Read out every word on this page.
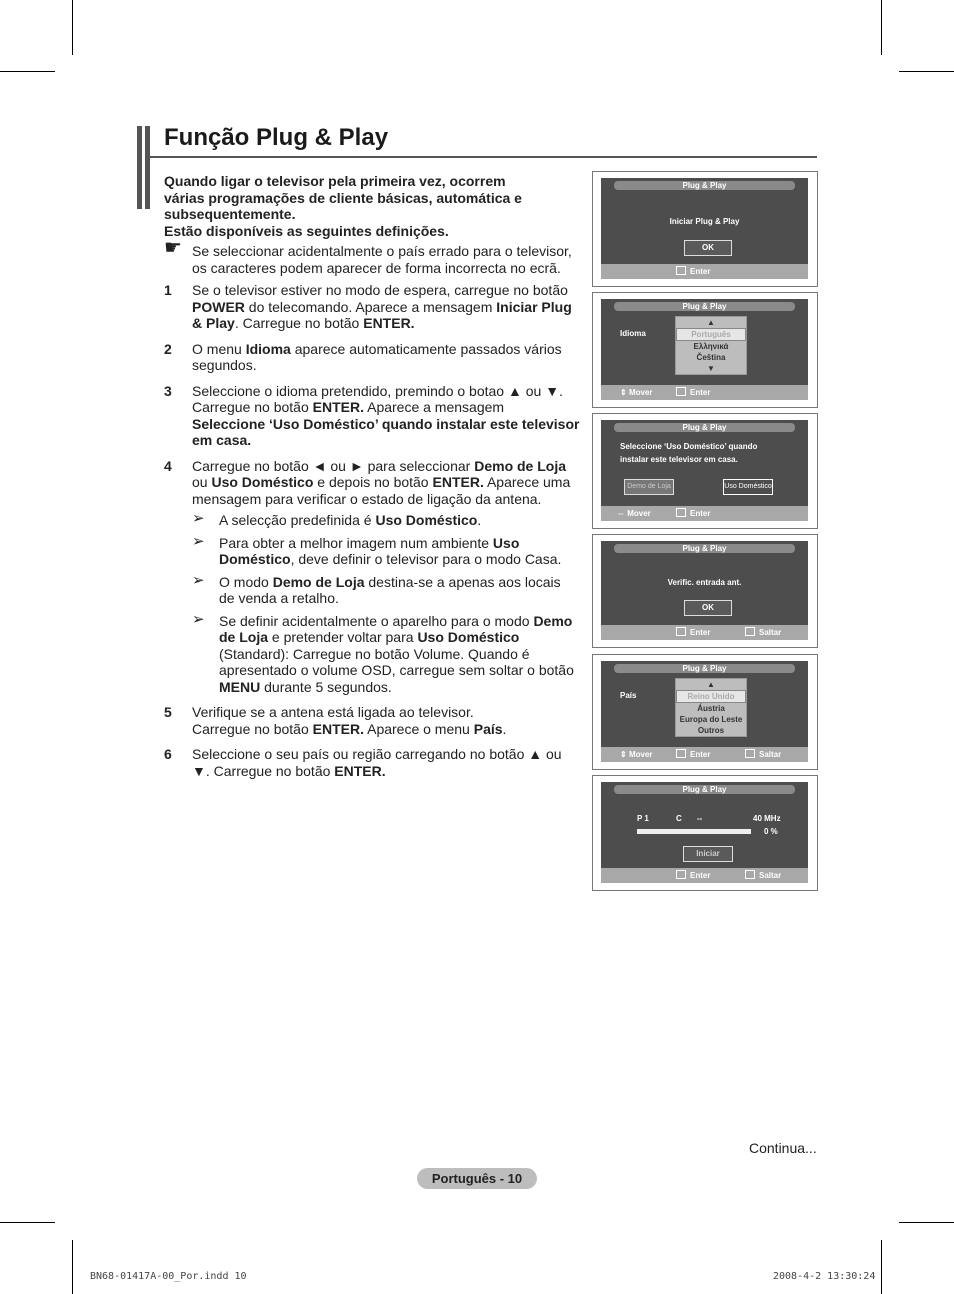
Função Plug & Play

Quando ligar o televisor pela primeira vez, ocorrem
várias programações de cliente básicas, automática e
subsequentemente.
Estão disponíveis as seguintes definições.

☛ Se seleccionar acidentalmente o país errado para o televisor, os caracteres podem aparecer de forma incorrecta no ecrã.
1 Se o televisor estiver no modo de espera, carregue no botão POWER do telecomando. Aparece a mensagem Iniciar Plug & Play. Carregue no botão ENTER.
2 O menu Idioma aparece automaticamente passados vários segundos.
3 Seleccione o idioma pretendido, premindo o botao ▲ ou ▼. Carregue no botão ENTER. Aparece a mensagem Seleccione ‘Uso Doméstico’ quando instalar este televisor em casa.
4 Carregue no botão ◄ ou ► para seleccionar Demo de Loja ou Uso Doméstico e depois no botão ENTER. Aparece uma mensagem para verificar o estado de ligação da antena.
➢ A selecção predefinida é Uso Doméstico.
➢ Para obter a melhor imagem num ambiente Uso Doméstico, deve definir o televisor para o modo Casa.
➢ O modo Demo de Loja destina-se a apenas aos locais de venda a retalho.
➢ Se definir acidentalmente o aparelho para o modo Demo de Loja e pretender voltar para Uso Doméstico (Standard): Carregue no botão Volume. Quando é apresentado o volume OSD, carregue sem soltar o botão MENU durante 5 segundos.
5 Verifique se a antena está ligada ao televisor.
Carregue no botão ENTER. Aparece o menu País.
6 Seleccione o seu país ou região carregando no botão ▲ ou ▼. Carregue no botão ENTER.
Plug & Play
Iniciar Plug & Play
OK
Enter
Plug & Play
Idioma
▲
Português
Ελληνικά
Čeština
▼
⇕ Mover	Enter
Plug & Play
Seleccione ‘Uso Doméstico’ quando
instalar este televisor em casa.
Demo de Loja	Uso Doméstico
⇔ Mover	Enter
Plug & Play
Verific. entrada ant.
OK
Enter	Saltar
Plug & Play
País
▲
Reino Unido
Áustria
Europa do Leste
Outros
⇕ Mover	Enter	Saltar
Plug & Play
P 1	C --	40 MHz
0 %
Iniciar
Enter	Saltar
Continua...
Português - 10
BN68-01417A-00_Por.indd 10	2008-4-2 13:30:24
